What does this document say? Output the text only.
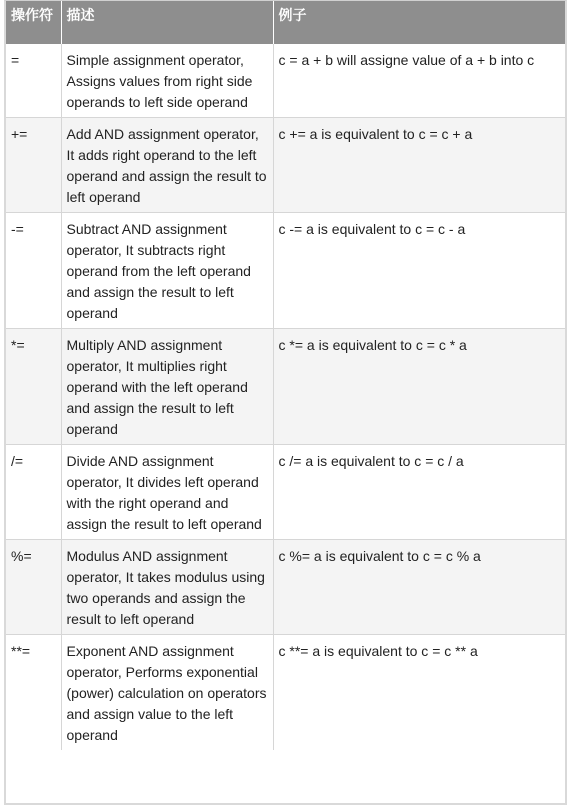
操作符	描述	例子
=	Simple assignment operator, Assigns values from right side operands to left side operand	c = a + b will assigne value of a + b into c
+=	Add AND assignment operator, It adds right operand to the left operand and assign the result to left operand	c += a is equivalent to c = c + a
-=	Subtract AND assignment operator, It subtracts right operand from the left operand and assign the result to left operand	c -= a is equivalent to c = c - a
*=	Multiply AND assignment operator, It multiplies right operand with the left operand and assign the result to left operand	c *= a is equivalent to c = c * a
/=	Divide AND assignment operator, It divides left operand with the right operand and assign the result to left operand	c /= a is equivalent to c = c / a
%=	Modulus AND assignment operator, It takes modulus using two operands and assign the result to left operand	c %= a is equivalent to c = c % a
**=	Exponent AND assignment operator, Performs exponential (power) calculation on operators and assign value to the left operand	c **= a is equivalent to c = c ** a
